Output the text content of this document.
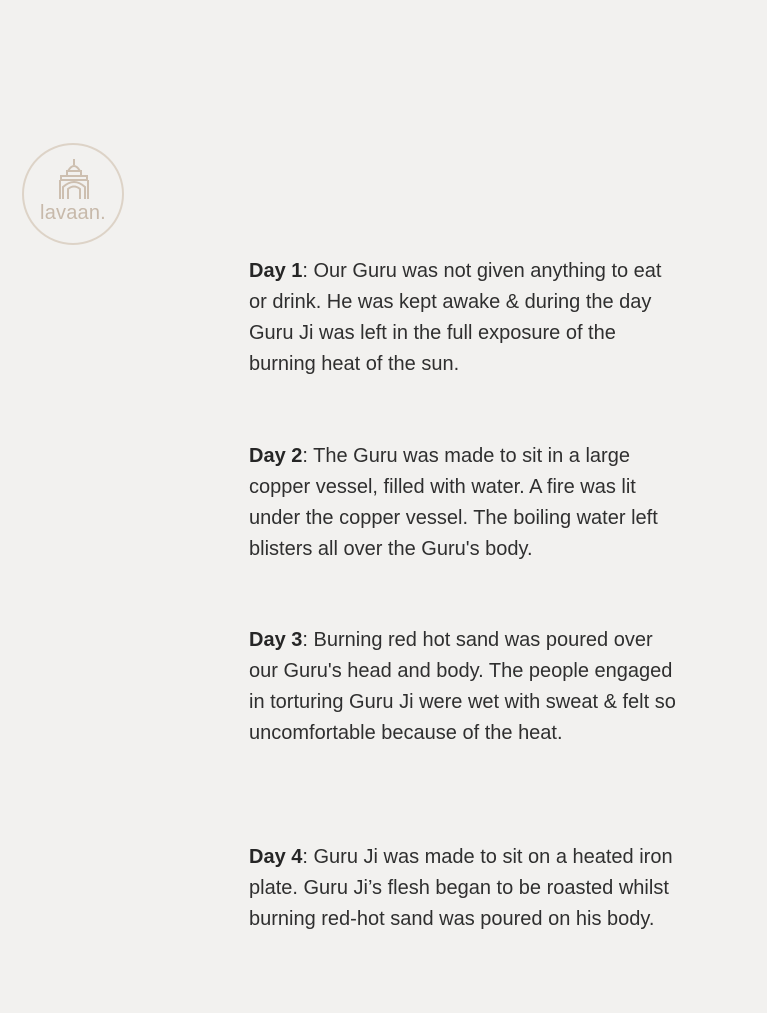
lavaan.

Day 1: Our Guru was not given anything to eat or drink. He was kept awake & during the day Guru Ji was left in the full exposure of the burning heat of the sun.

Day 2: The Guru was made to sit in a large copper vessel, filled with water. A fire was lit under the copper vessel. The boiling water left blisters all over the Guru's body.

Day 3: Burning red hot sand was poured over our Guru's head and body. The people engaged in torturing Guru Ji were wet with sweat & felt so uncomfortable because of the heat.

Day 4: Guru Ji was made to sit on a heated iron plate. Guru Ji’s flesh began to be roasted whilst burning red-hot sand was poured on his body.
